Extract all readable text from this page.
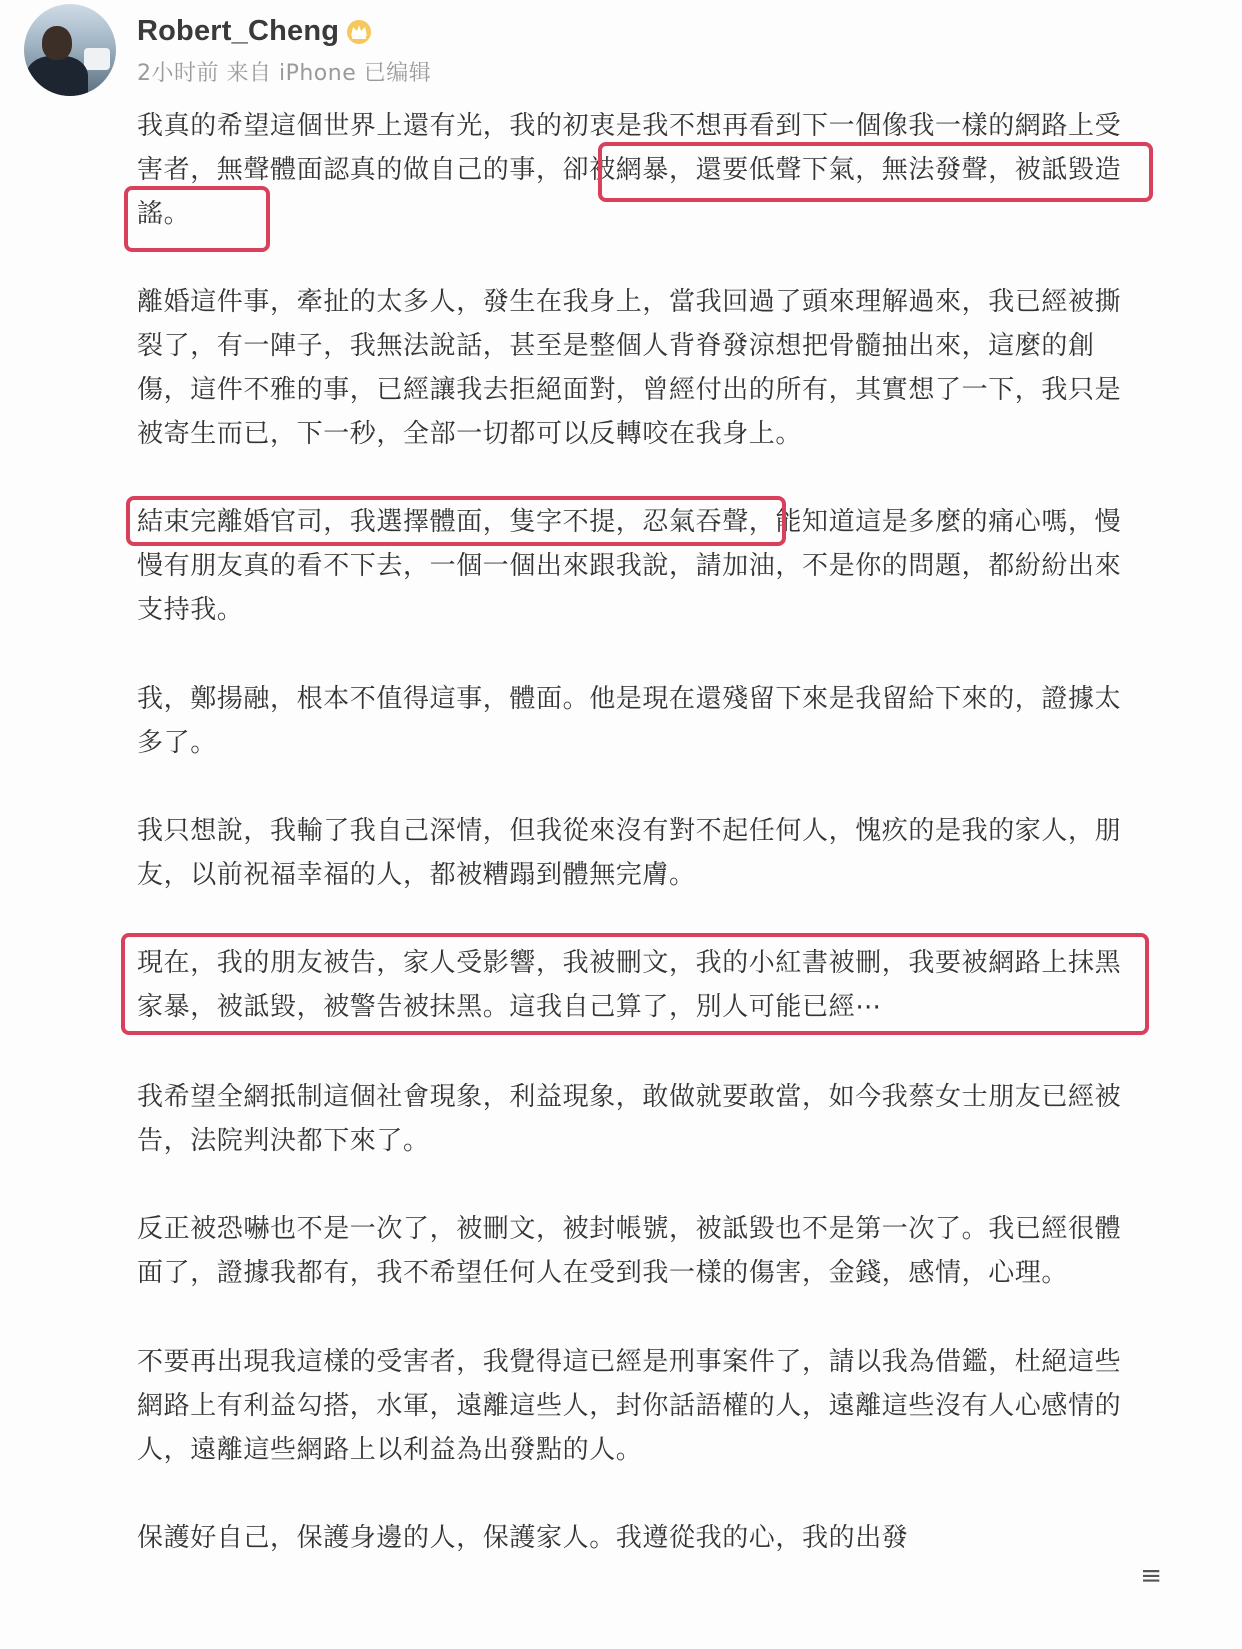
Robert_Cheng
2小时前 来自 iPhone 已编辑

我真的希望這個世界上還有光，我的初衷是我不想再看到下一個像我一樣的網路上受害者，無聲體面認真的做自己的事，卻被網暴，還要低聲下氣，無法發聲，被詆毀造謠。

離婚這件事，牽扯的太多人，發生在我身上，當我回過了頭來理解過來，我已經被撕裂了，有一陣子，我無法說話，甚至是整個人背脊發涼想把骨髓抽出來，這麼的創傷，這件不雅的事，已經讓我去拒絕面對，曾經付出的所有，其實想了一下，我只是被寄生而已，下一秒，全部一切都可以反轉咬在我身上。

結束完離婚官司，我選擇體面，隻字不提，忍氣吞聲，能知道這是多麼的痛心嗎，慢慢有朋友真的看不下去，一個一個出來跟我說，請加油，不是你的問題，都紛紛出來支持我。

我，鄭揚融，根本不值得這事，體面。他是現在還殘留下來是我留給下來的，證據太多了。

我只想說，我輸了我自己深情，但我從來沒有對不起任何人，愧疚的是我的家人，朋友，以前祝福幸福的人，都被糟蹋到體無完膚。

現在，我的朋友被告，家人受影響，我被刪文，我的小紅書被刪，我要被網路上抹黑家暴，被詆毀，被警告被抹黑。這我自己算了，別人可能已經⋯

我希望全網抵制這個社會現象，利益現象，敢做就要敢當，如今我蔡女士朋友已經被告，法院判決都下來了。

反正被恐嚇也不是一次了，被刪文，被封帳號，被詆毀也不是第一次了。我已經很體面了，證據我都有，我不希望任何人在受到我一樣的傷害，金錢，感情，心理。

不要再出現我這樣的受害者，我覺得這已經是刑事案件了，請以我為借鑑，杜絕這些網路上有利益勾搭，水軍，遠離這些人，封你話語權的人，遠離這些沒有人心感情的人，遠離這些網路上以利益為出發點的人。

保護好自己，保護身邊的人，保護家人。我遵從我的心，我的出發

≡
